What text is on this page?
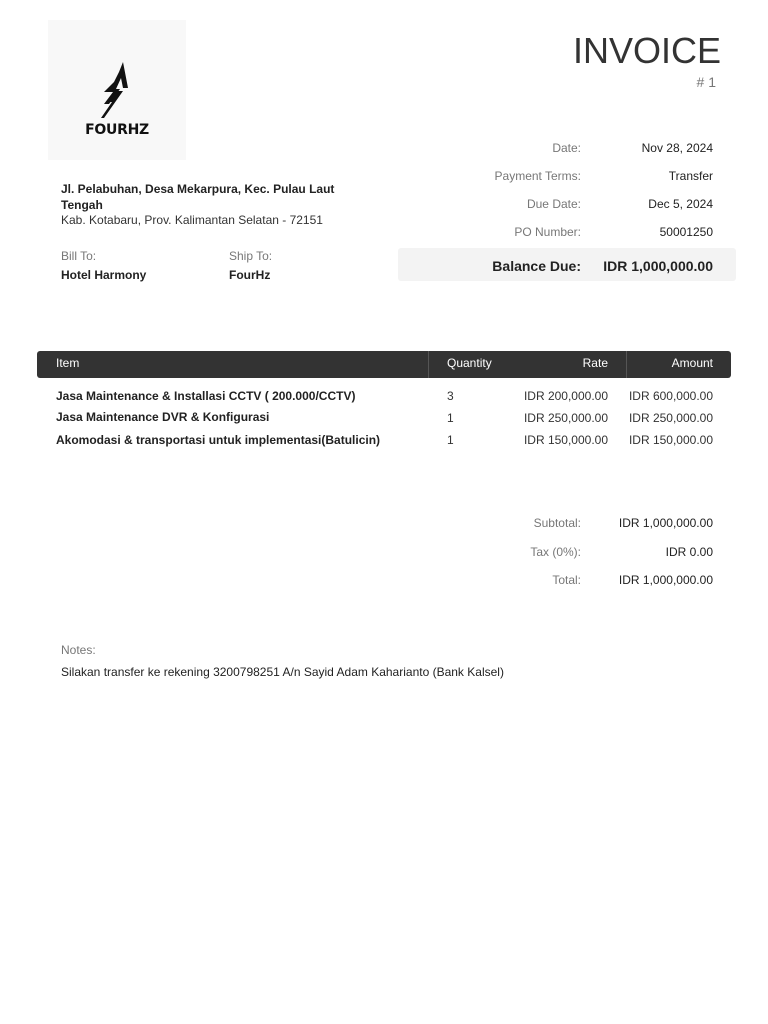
FOURHZ
INVOICE
# 1
Jl. Pelabuhan, Desa Mekarpura, Kec. Pulau Laut Tengah
Kab. Kotabaru, Prov. Kalimantan Selatan - 72151
Bill To:
Hotel Harmony
Ship To:
FourHz
Date:	Nov 28, 2024
Payment Terms:	Transfer
Due Date:	Dec 5, 2024
PO Number:	50001250
Balance Due:	IDR 1,000,000.00
Item	Quantity	Rate	Amount
Jasa Maintenance & Installasi CCTV ( 200.000/CCTV)	3	IDR 200,000.00	IDR 600,000.00
Jasa Maintenance DVR & Konfigurasi	1	IDR 250,000.00	IDR 250,000.00
Akomodasi & transportasi untuk implementasi(Batulicin)	1	IDR 150,000.00	IDR 150,000.00
Subtotal:	IDR 1,000,000.00
Tax (0%):	IDR 0.00
Total:	IDR 1,000,000.00
Notes:
Silakan transfer ke rekening 3200798251 A/n Sayid Adam Kaharianto (Bank Kalsel)
